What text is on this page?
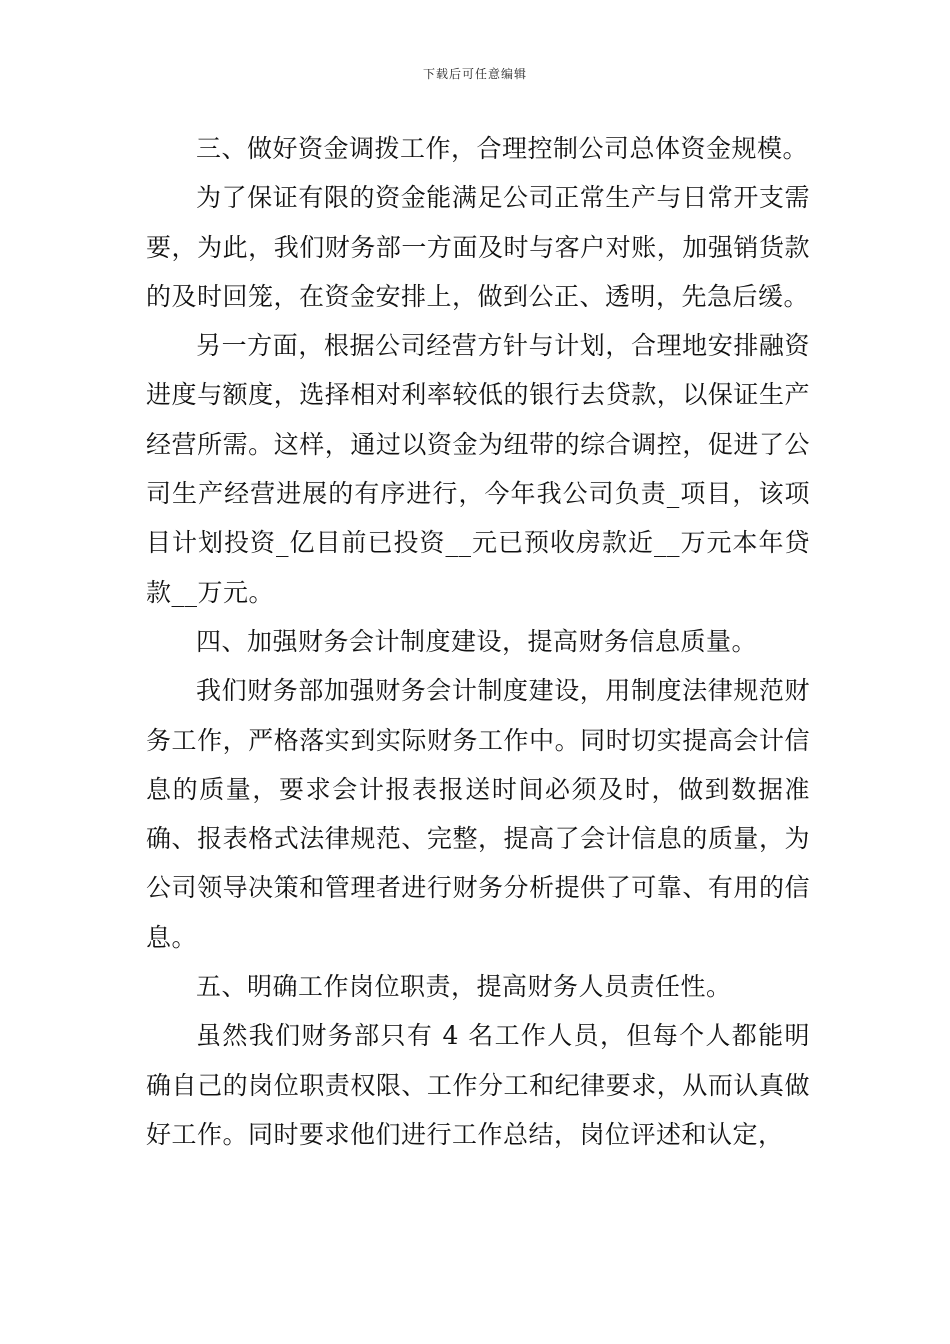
下载后可任意编辑

三、做好资金调拨工作，合理控制公司总体资金规模。

为了保证有限的资金能满足公司正常生产与日常开支需要，为此，我们财务部一方面及时与客户对账，加强销货款的及时回笼，在资金安排上，做到公正、透明，先急后缓。

另一方面，根据公司经营方针与计划，合理地安排融资进度与额度，选择相对利率较低的银行去贷款，以保证生产经营所需。这样，通过以资金为纽带的综合调控，促进了公司生产经营进展的有序进行，今年我公司负责_项目，该项目计划投资_亿目前已投资__元已预收房款近__万元本年贷款__万元。

四、加强财务会计制度建设，提高财务信息质量。

我们财务部加强财务会计制度建设，用制度法律规范财务工作，严格落实到实际财务工作中。同时切实提高会计信息的质量，要求会计报表报送时间必须及时，做到数据准确、报表格式法律规范、完整，提高了会计信息的质量，为公司领导决策和管理者进行财务分析提供了可靠、有用的信息。

五、明确工作岗位职责，提高财务人员责任性。

虽然我们财务部只有 4 名工作人员，但每个人都能明确自己的岗位职责权限、工作分工和纪律要求，从而认真做好工作。同时要求他们进行工作总结，岗位评述和认定，
